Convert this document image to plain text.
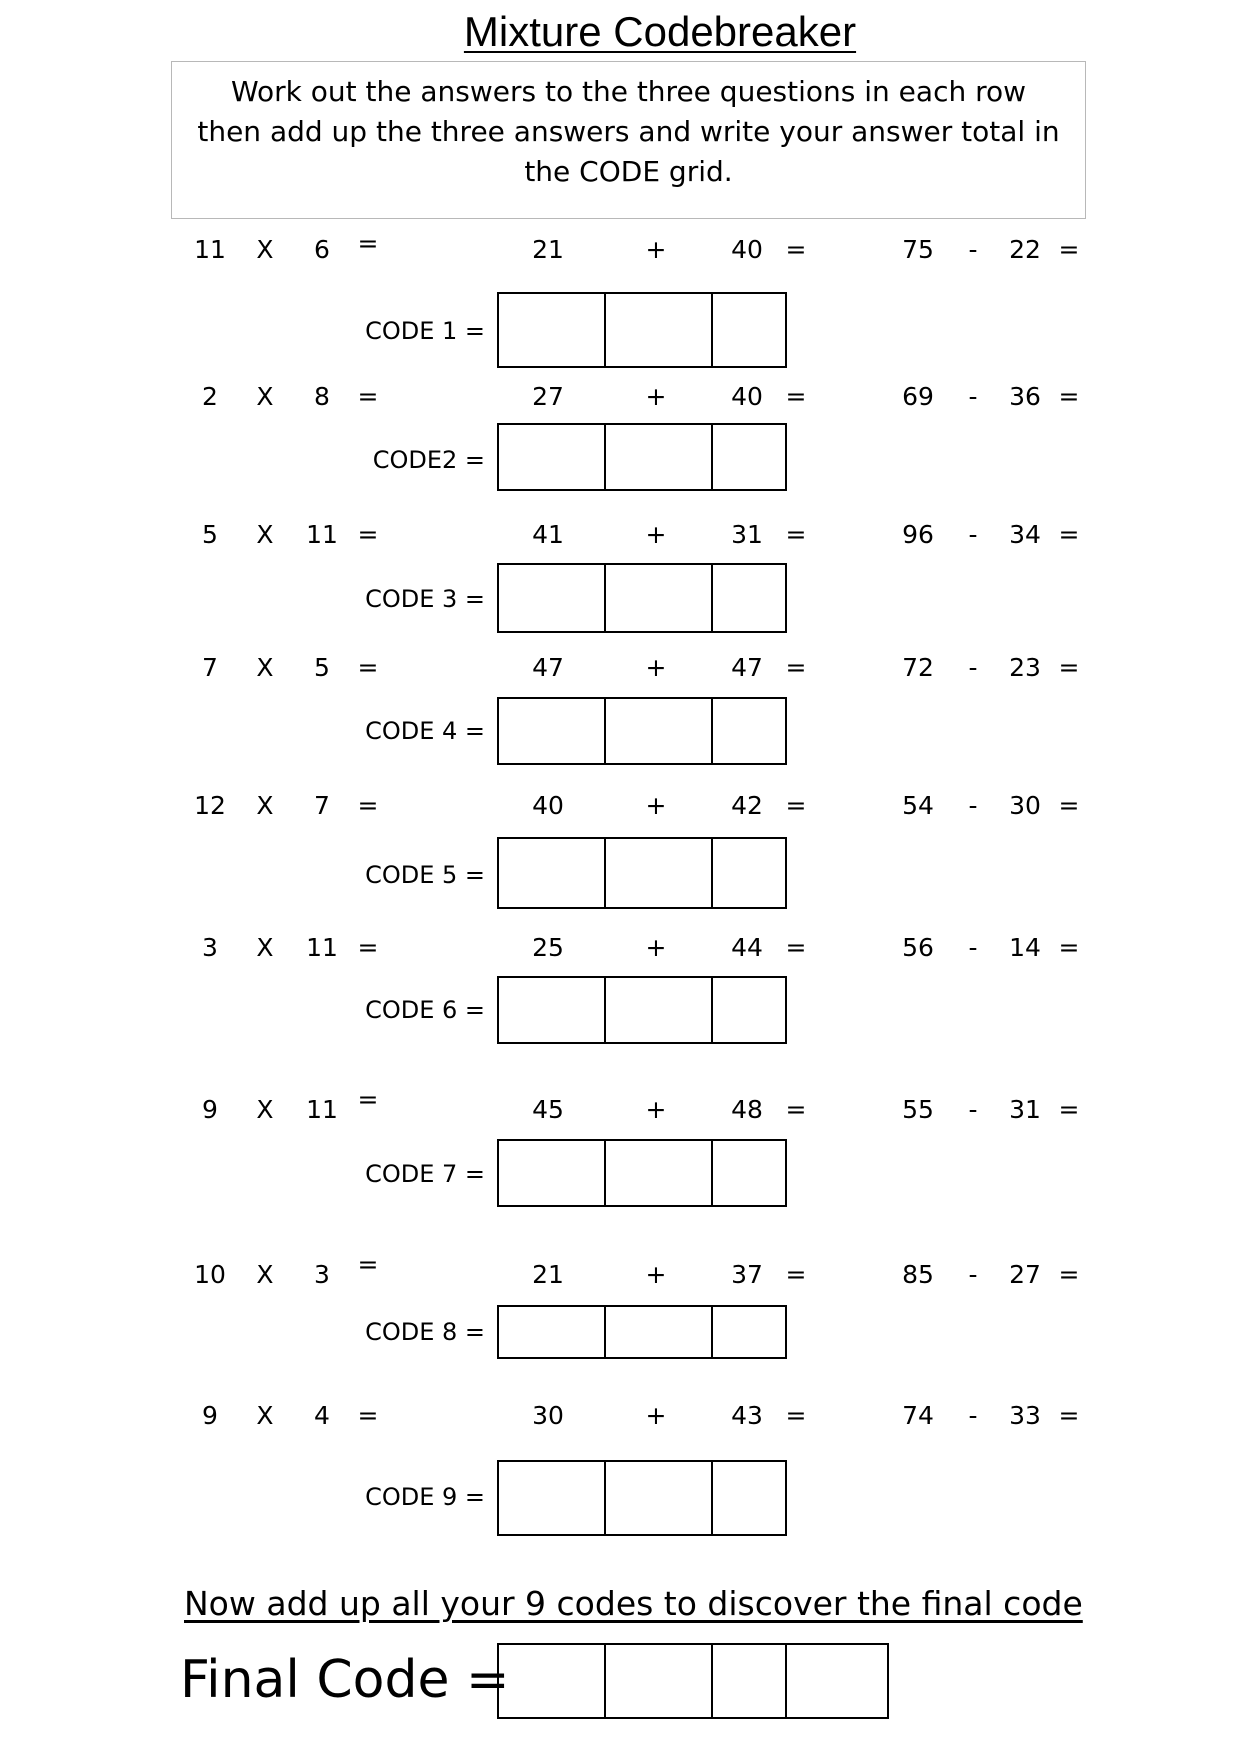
Mixture Codebreaker
Work out the answers to the three questions in each row then add up the three answers and write your answer total in the CODE grid.
11 X 6 =	21	+	40 =	75 - 22 =
CODE 1 =
2 X 8 =	27	+	40 =	69 - 36 =
CODE2 =
5 X 11 =	41	+	31 =	96 - 34 =
CODE 3 =
7 X 5 =	47	+	47 =	72 - 23 =
CODE 4 =
12 X 7 =	40	+	42 =	54 - 30 =
CODE 5 =
3 X 11 =	25	+	44 =	56 - 14 =
CODE 6 =
9 X 11 =	45	+	48 =	55 - 31 =
CODE 7 =
10 X 3 =	21	+	37 =	85 - 27 =
CODE 8 =
9 X 4 =	30	+	43 =	74 - 33 =
CODE 9 =
Now add up all your 9 codes to discover the final code
Final Code =
